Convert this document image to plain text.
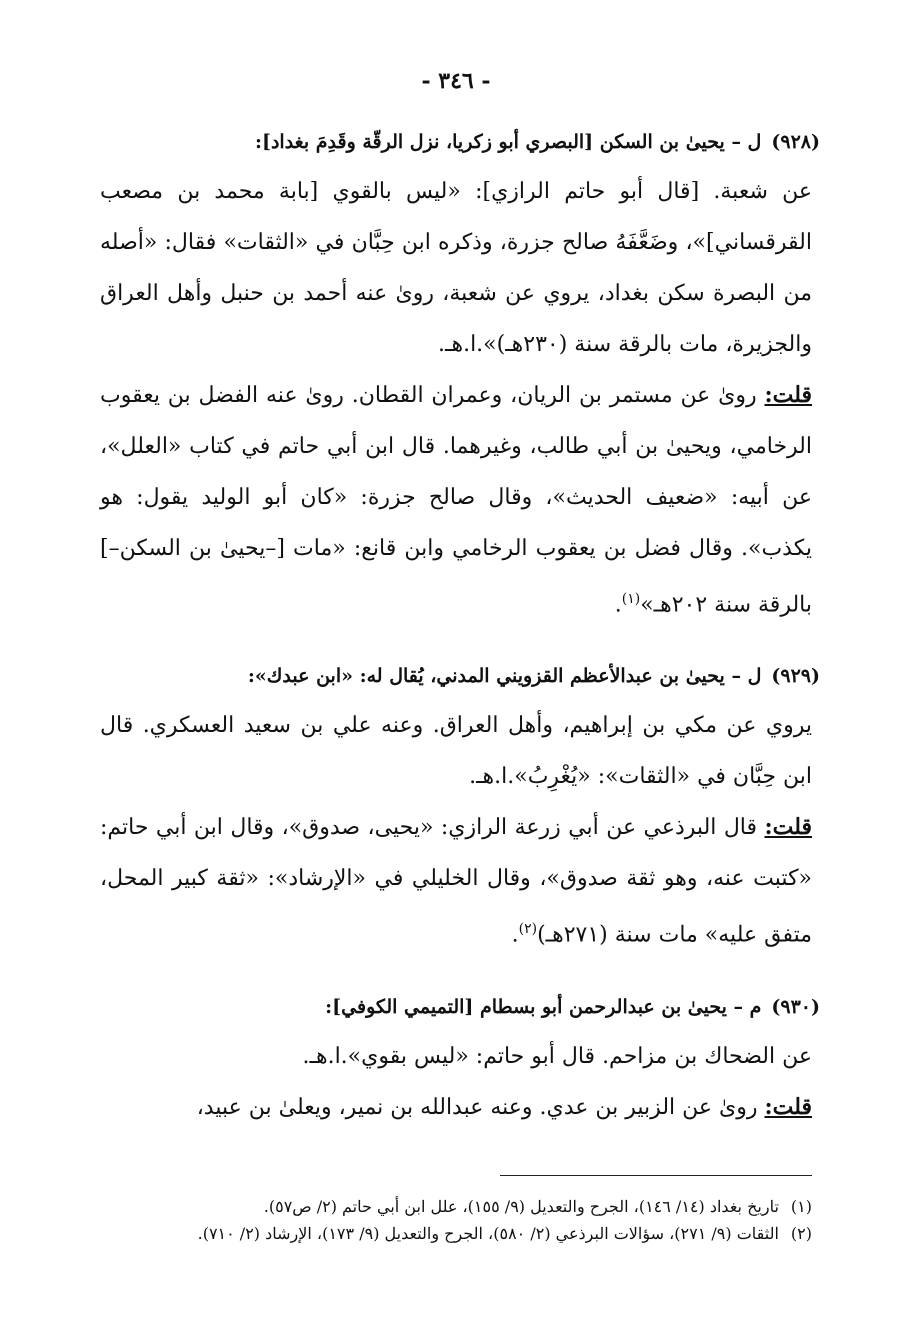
- ٣٤٦ -
(٩٢٨)ل – يحيىٰ بن السكن [البصري أبو زكريا، نزل الرقّة وقَدِمَ بغداد]:

عن شعبة. [قال أبو حاتم الرازي]: «ليس بالقوي [بابة محمد بن مصعب القرقساني]»، وضَعَّفَهُ صالح جزرة، وذكره ابن حِبَّان في «الثقات» فقال: «أصله من البصرة سكن بغداد، يروي عن شعبة، روىٰ عنه أحمد بن حنبل وأهل العراق والجزيرة، مات بالرقة سنة (٢٣٠هـ)».ا.هـ.

قلت: روىٰ عن مستمر بن الريان، وعمران القطان. روىٰ عنه الفضل بن يعقوب الرخامي، ويحيىٰ بن أبي طالب، وغيرهما. قال ابن أبي حاتم في كتاب «العلل»، عن أبيه: «ضعيف الحديث»، وقال صالح جزرة: «كان أبو الوليد يقول: هو يكذب». وقال فضل بن يعقوب الرخامي وابن قانع: «مات [–يحيىٰ بن السكن–] بالرقة سنة ٢٠٢هـ»$^{(١)}$.

(٩٢٩)ل – يحيىٰ بن عبدالأعظم القزويني المدني، يُقال له: «ابن عبدك»:

يروي عن مكي بن إبراهيم، وأهل العراق. وعنه علي بن سعيد العسكري. قال ابن حِبَّان في «الثقات»: «يُغْرِبُ».ا.هـ.

قلت: قال البرذعي عن أبي زرعة الرازي: «يحيى، صدوق»، وقال ابن أبي حاتم: «كتبت عنه، وهو ثقة صدوق»، وقال الخليلي في «الإرشاد»: «ثقة كبير المحل، متفق عليه» مات سنة (٢٧١هـ)$^{(٢)}$.

(٩٣٠)م – يحيىٰ بن عبدالرحمن أبو بسطام [التميمي الكوفي]:

عن الضحاك بن مزاحم. قال أبو حاتم: «ليس بقوي».ا.هـ.

قلت: روىٰ عن الزبير بن عدي. وعنه عبدالله بن نمير، ويعلىٰ بن عبيد،

(١)تاريخ بغداد (١٤/ ١٤٦)، الجرح والتعديل (٩/ ١٥٥)، علل ابن أبي حاتم (٢/ ص٥٧).

(٢)الثقات (٩/ ٢٧١)، سؤالات البرذعي (٢/ ٥٨٠)، الجرح والتعديل (٩/ ١٧٣)، الإرشاد (٢/ ٧١٠).
